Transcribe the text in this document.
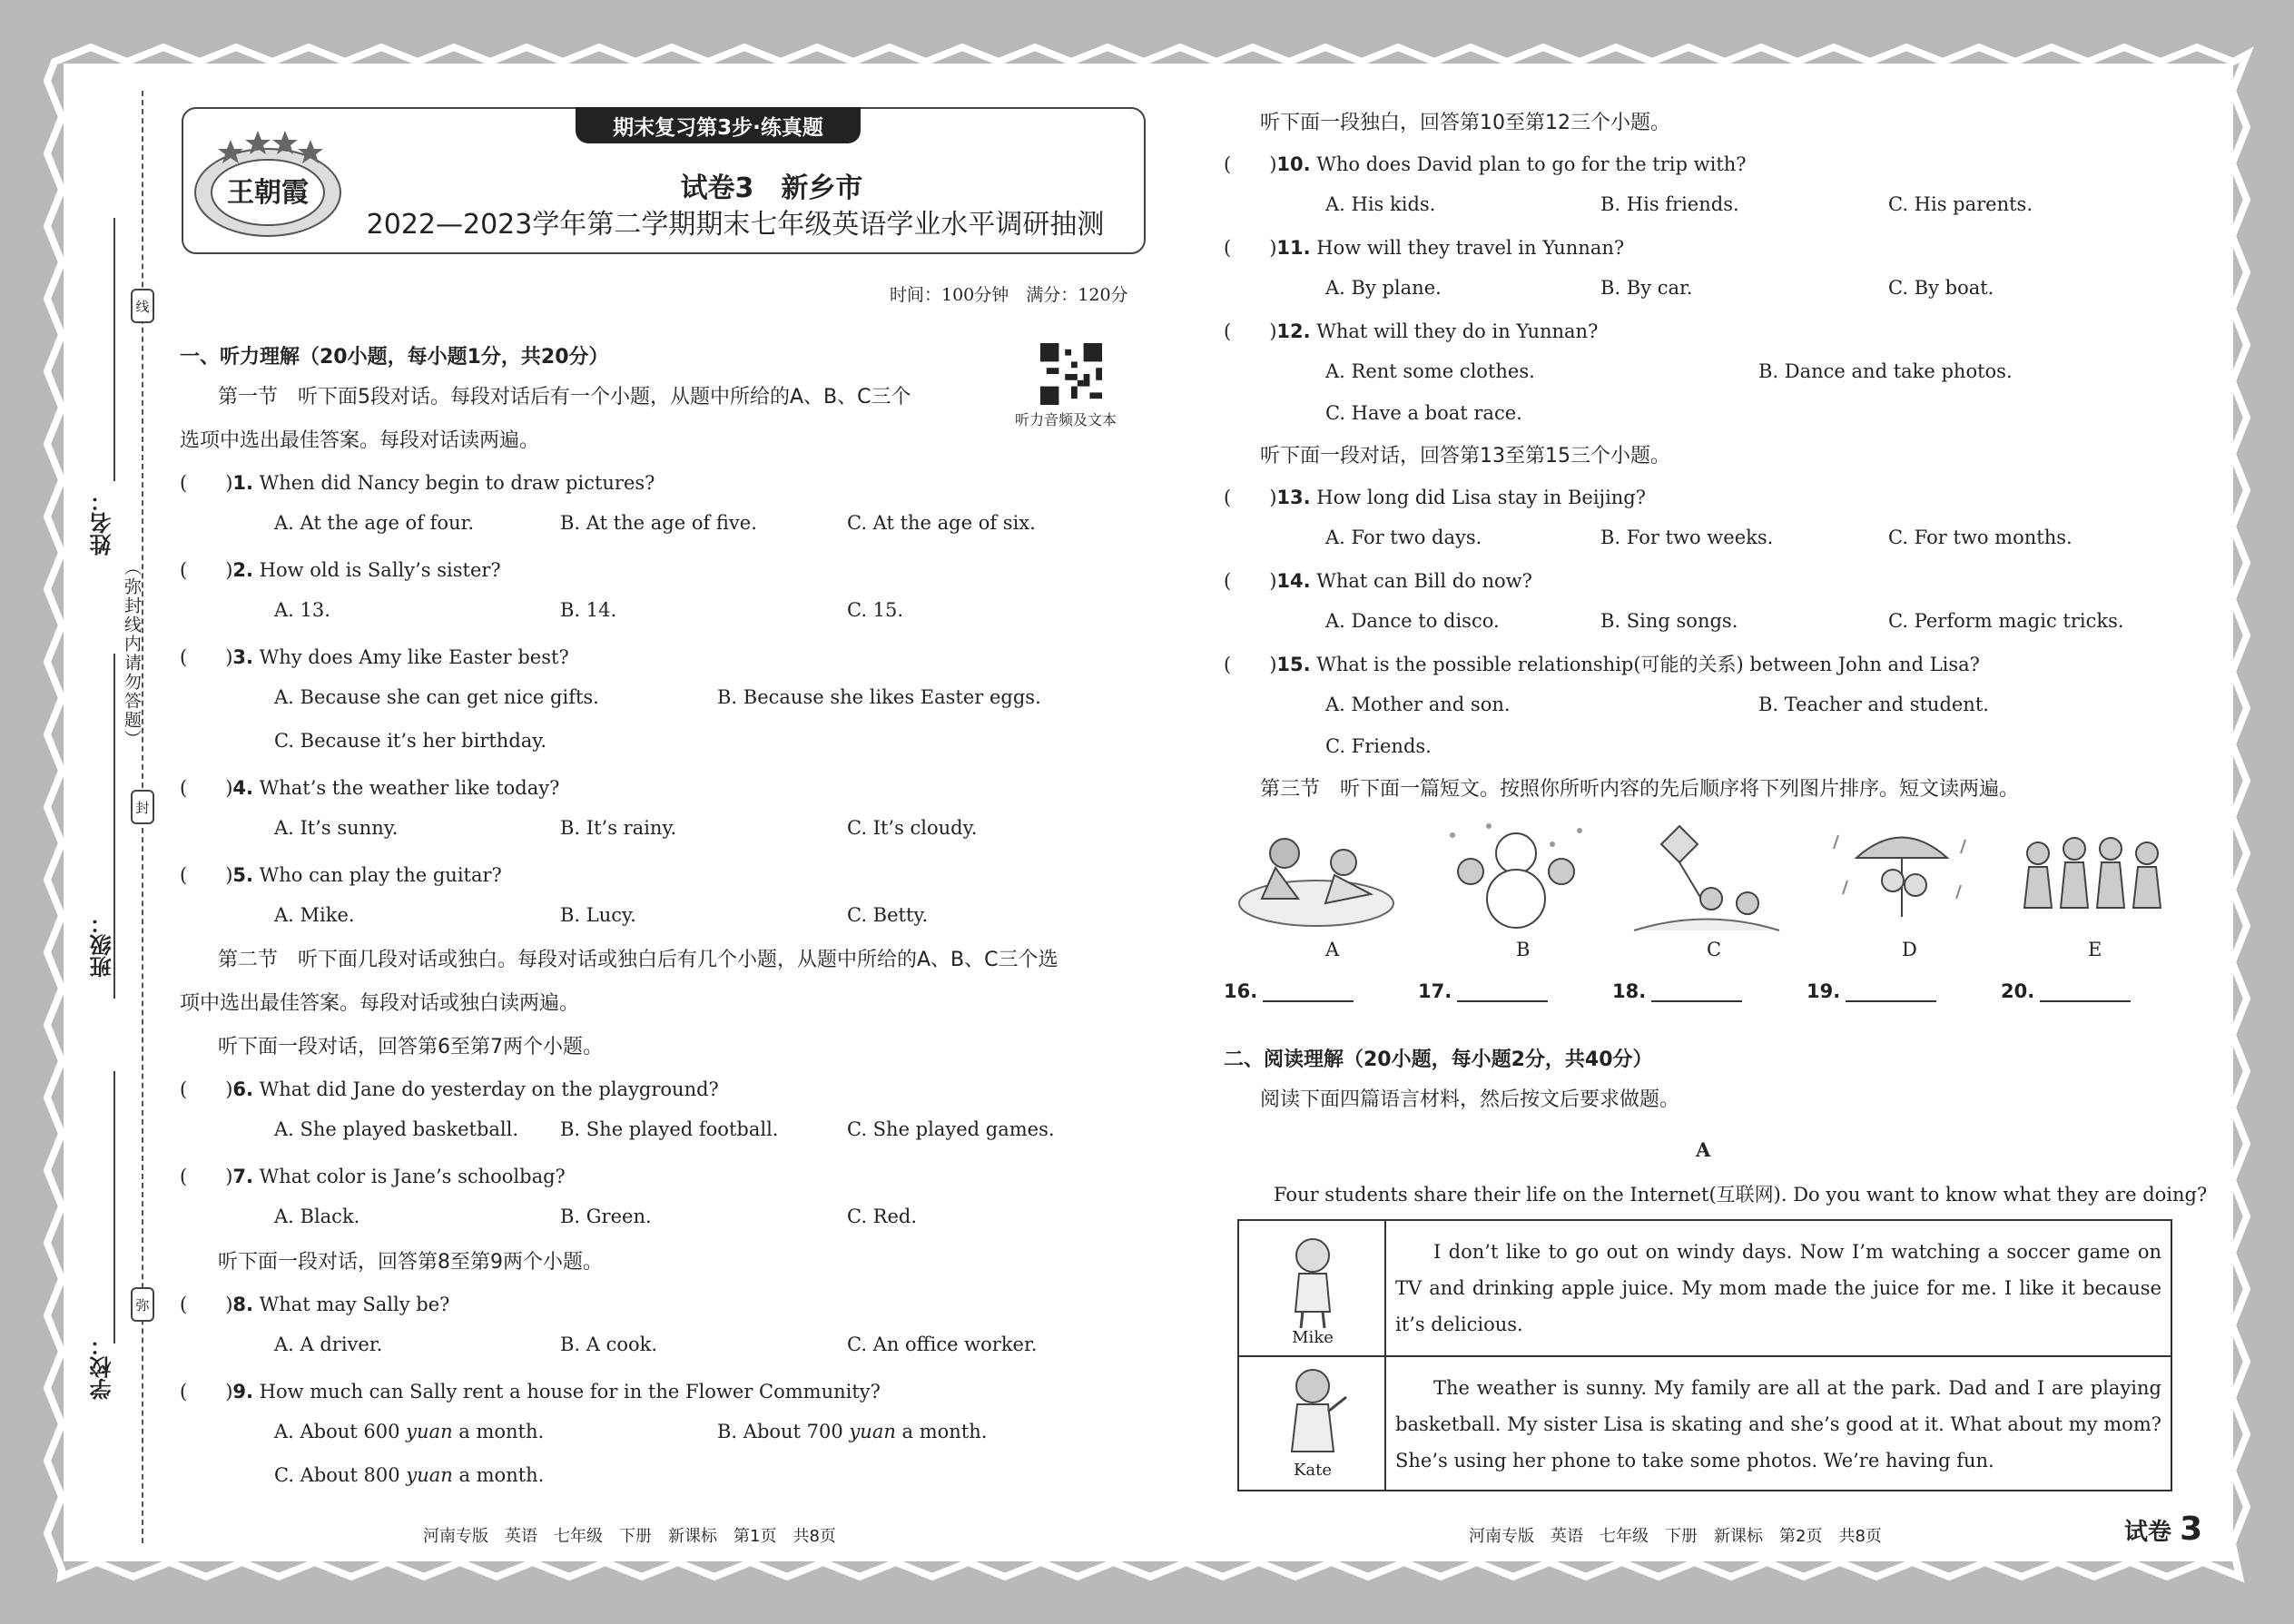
姓名：
班级：
学校：
线
封
弥
（弥封线内请勿答题）
期末复习第3步·练真题
王朝霞	试卷3　新乡市
2022—2023学年第二学期期末七年级英语学业水平调研抽测
时间：100分钟　满分：120分
听力音频及文本
一、听力理解（20小题，每小题1分，共20分）
第一节　听下面5段对话。每段对话后有一个小题，从题中所给的A、B、C三个
选项中选出最佳答案。每段对话读两遍。
第二节　听下面几段对话或独白。每段对话或独白后有几个小题，从题中所给的A、B、C三个选
项中选出最佳答案。每段对话或独白读两遍。
听下面一段对话，回答第6至第7两个小题。
听下面一段对话，回答第8至第9两个小题。
听下面一段独白，回答第10至第12三个小题。
听下面一段对话，回答第13至第15三个小题。
第三节　听下面一篇短文。按照你所听内容的先后顺序将下列图片排序。短文读两遍。
二、阅读理解（20小题，每小题2分，共40分）
阅读下面四篇语言材料，然后按文后要求做题。
A
Four students share their life on the Internet(互联网). Do you want to know what they are doing?
Mike
I don’t like to go out on windy days. Now I’m watching a soccer game on TV and drinking apple juice. My mom made the juice for me. I like it because it’s delicious.
Kate
The weather is sunny. My family are all at the park. Dad and I are playing basketball. My sister Lisa is skating and she’s good at it. What about my mom? She’s using her phone to take some photos. We’re having fun.
河南专版　英语　七年级　下册　新课标　第1页　共8页	河南专版　英语　七年级　下册　新课标　第2页　共8页	试卷 3
(　　)1. When did Nancy begin to draw pictures?
A. At the age of four.	B. At the age of five.	C. At the age of six.
(　　)2. How old is Sally’s sister?
A. 13.	B. 14.	C. 15.
(　　)3. Why does Amy like Easter best?
A. Because she can get nice gifts.	B. Because she likes Easter eggs.
C. Because it’s her birthday.
(　　)4. What’s the weather like today?
A. It’s sunny.	B. It’s rainy.	C. It’s cloudy.
(　　)5. Who can play the guitar?
A. Mike.	B. Lucy.	C. Betty.
(　　)6. What did Jane do yesterday on the playground?
A. She played basketball. B. She played football.	C. She played games.
(　　)7. What color is Jane’s schoolbag?
A. Black.	B. Green.	C. Red.
(　　)8. What may Sally be?
A. A driver.	B. A cook.	C. An office worker.
(　　)9. How much can Sally rent a house for in the Flower Community?
A. About 600 yuan a month.	B. About 700 yuan a month.
C. About 800 yuan a month.
(　　)10. Who does David plan to go for the trip with?
A. His kids.	B. His friends.	C. His parents.
(　　)11. How will they travel in Yunnan?
A. By plane.	B. By car.	C. By boat.
(　　)12. What will they do in Yunnan?
A. Rent some clothes.	B. Dance and take photos.
C. Have a boat race.
(　　)13. How long did Lisa stay in Beijing?
A. For two days.	B. For two weeks.	C. For two months.
(　　)14. What can Bill do now?
A. Dance to disco.	B. Sing songs.	C. Perform magic tricks.
(　　)15. What is the possible relationship(可能的关系) between John and Lisa?
A. Mother and son.	B. Teacher and student.
C. Friends.
A	B	C	D	E
16.	17.	18.	19.	20.
